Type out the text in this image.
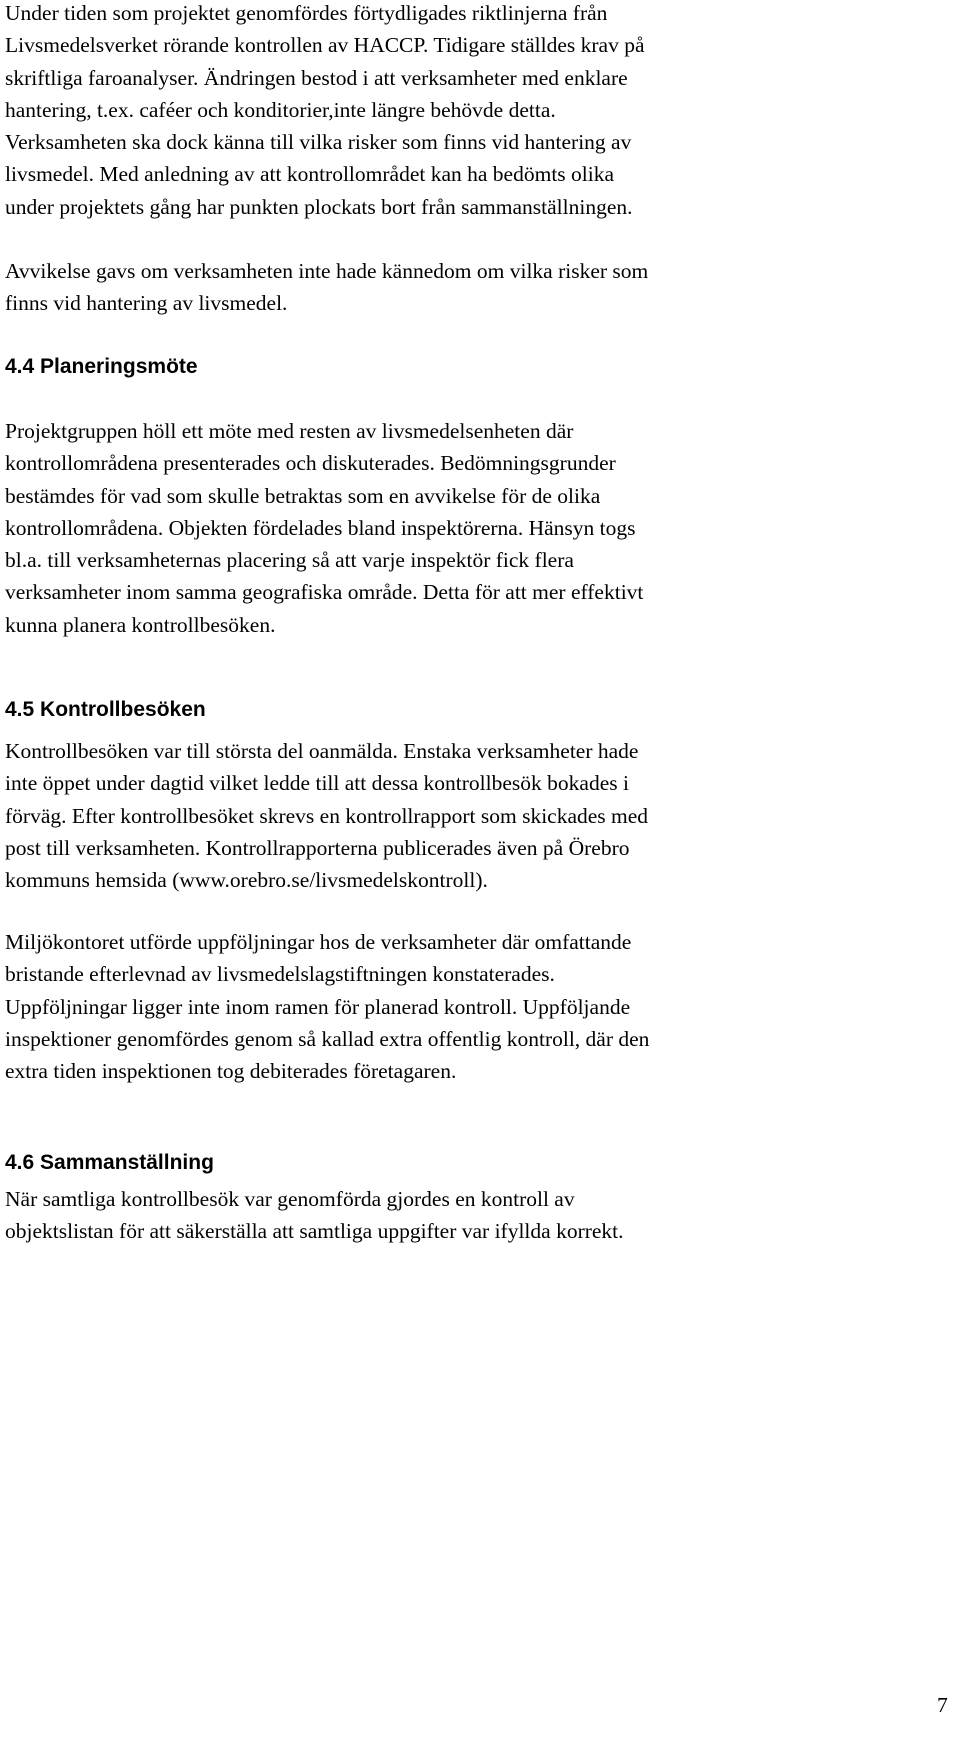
Under tiden som projektet genomfördes förtydligades riktlinjerna från
Livsmedelsverket rörande kontrollen av HACCP. Tidigare ställdes krav på
skriftliga faroanalyser. Ändringen bestod i att verksamheter med enklare
hantering, t.ex. caféer och konditorier,inte längre behövde detta.
Verksamheten ska dock känna till vilka risker som finns vid hantering av
livsmedel. Med anledning av att kontrollområdet kan ha bedömts olika
under projektets gång har punkten plockats bort från sammanställningen.

Avvikelse gavs om verksamheten inte hade kännedom om vilka risker som
finns vid hantering av livsmedel.

4.4 Planeringsmöte

Projektgruppen höll ett möte med resten av livsmedelsenheten där
kontrollområdena presenterades och diskuterades. Bedömningsgrunder
bestämdes för vad som skulle betraktas som en avvikelse för de olika
kontrollområdena. Objekten fördelades bland inspektörerna. Hänsyn togs
bl.a. till verksamheternas placering så att varje inspektör fick flera
verksamheter inom samma geografiska område. Detta för att mer effektivt
kunna planera kontrollbesöken.

4.5 Kontrollbesöken

Kontrollbesöken var till största del oanmälda. Enstaka verksamheter hade
inte öppet under dagtid vilket ledde till att dessa kontrollbesök bokades i
förväg. Efter kontrollbesöket skrevs en kontrollrapport som skickades med
post till verksamheten. Kontrollrapporterna publicerades även på Örebro
kommuns hemsida (www.orebro.se/livsmedelskontroll).

Miljökontoret utförde uppföljningar hos de verksamheter där omfattande
bristande efterlevnad av livsmedelslagstiftningen konstaterades.
Uppföljningar ligger inte inom ramen för planerad kontroll. Uppföljande
inspektioner genomfördes genom så kallad extra offentlig kontroll, där den
extra tiden inspektionen tog debiterades företagaren.

4.6 Sammanställning

När samtliga kontrollbesök var genomförda gjordes en kontroll av
objektslistan för att säkerställa att samtliga uppgifter var ifyllda korrekt.

7
